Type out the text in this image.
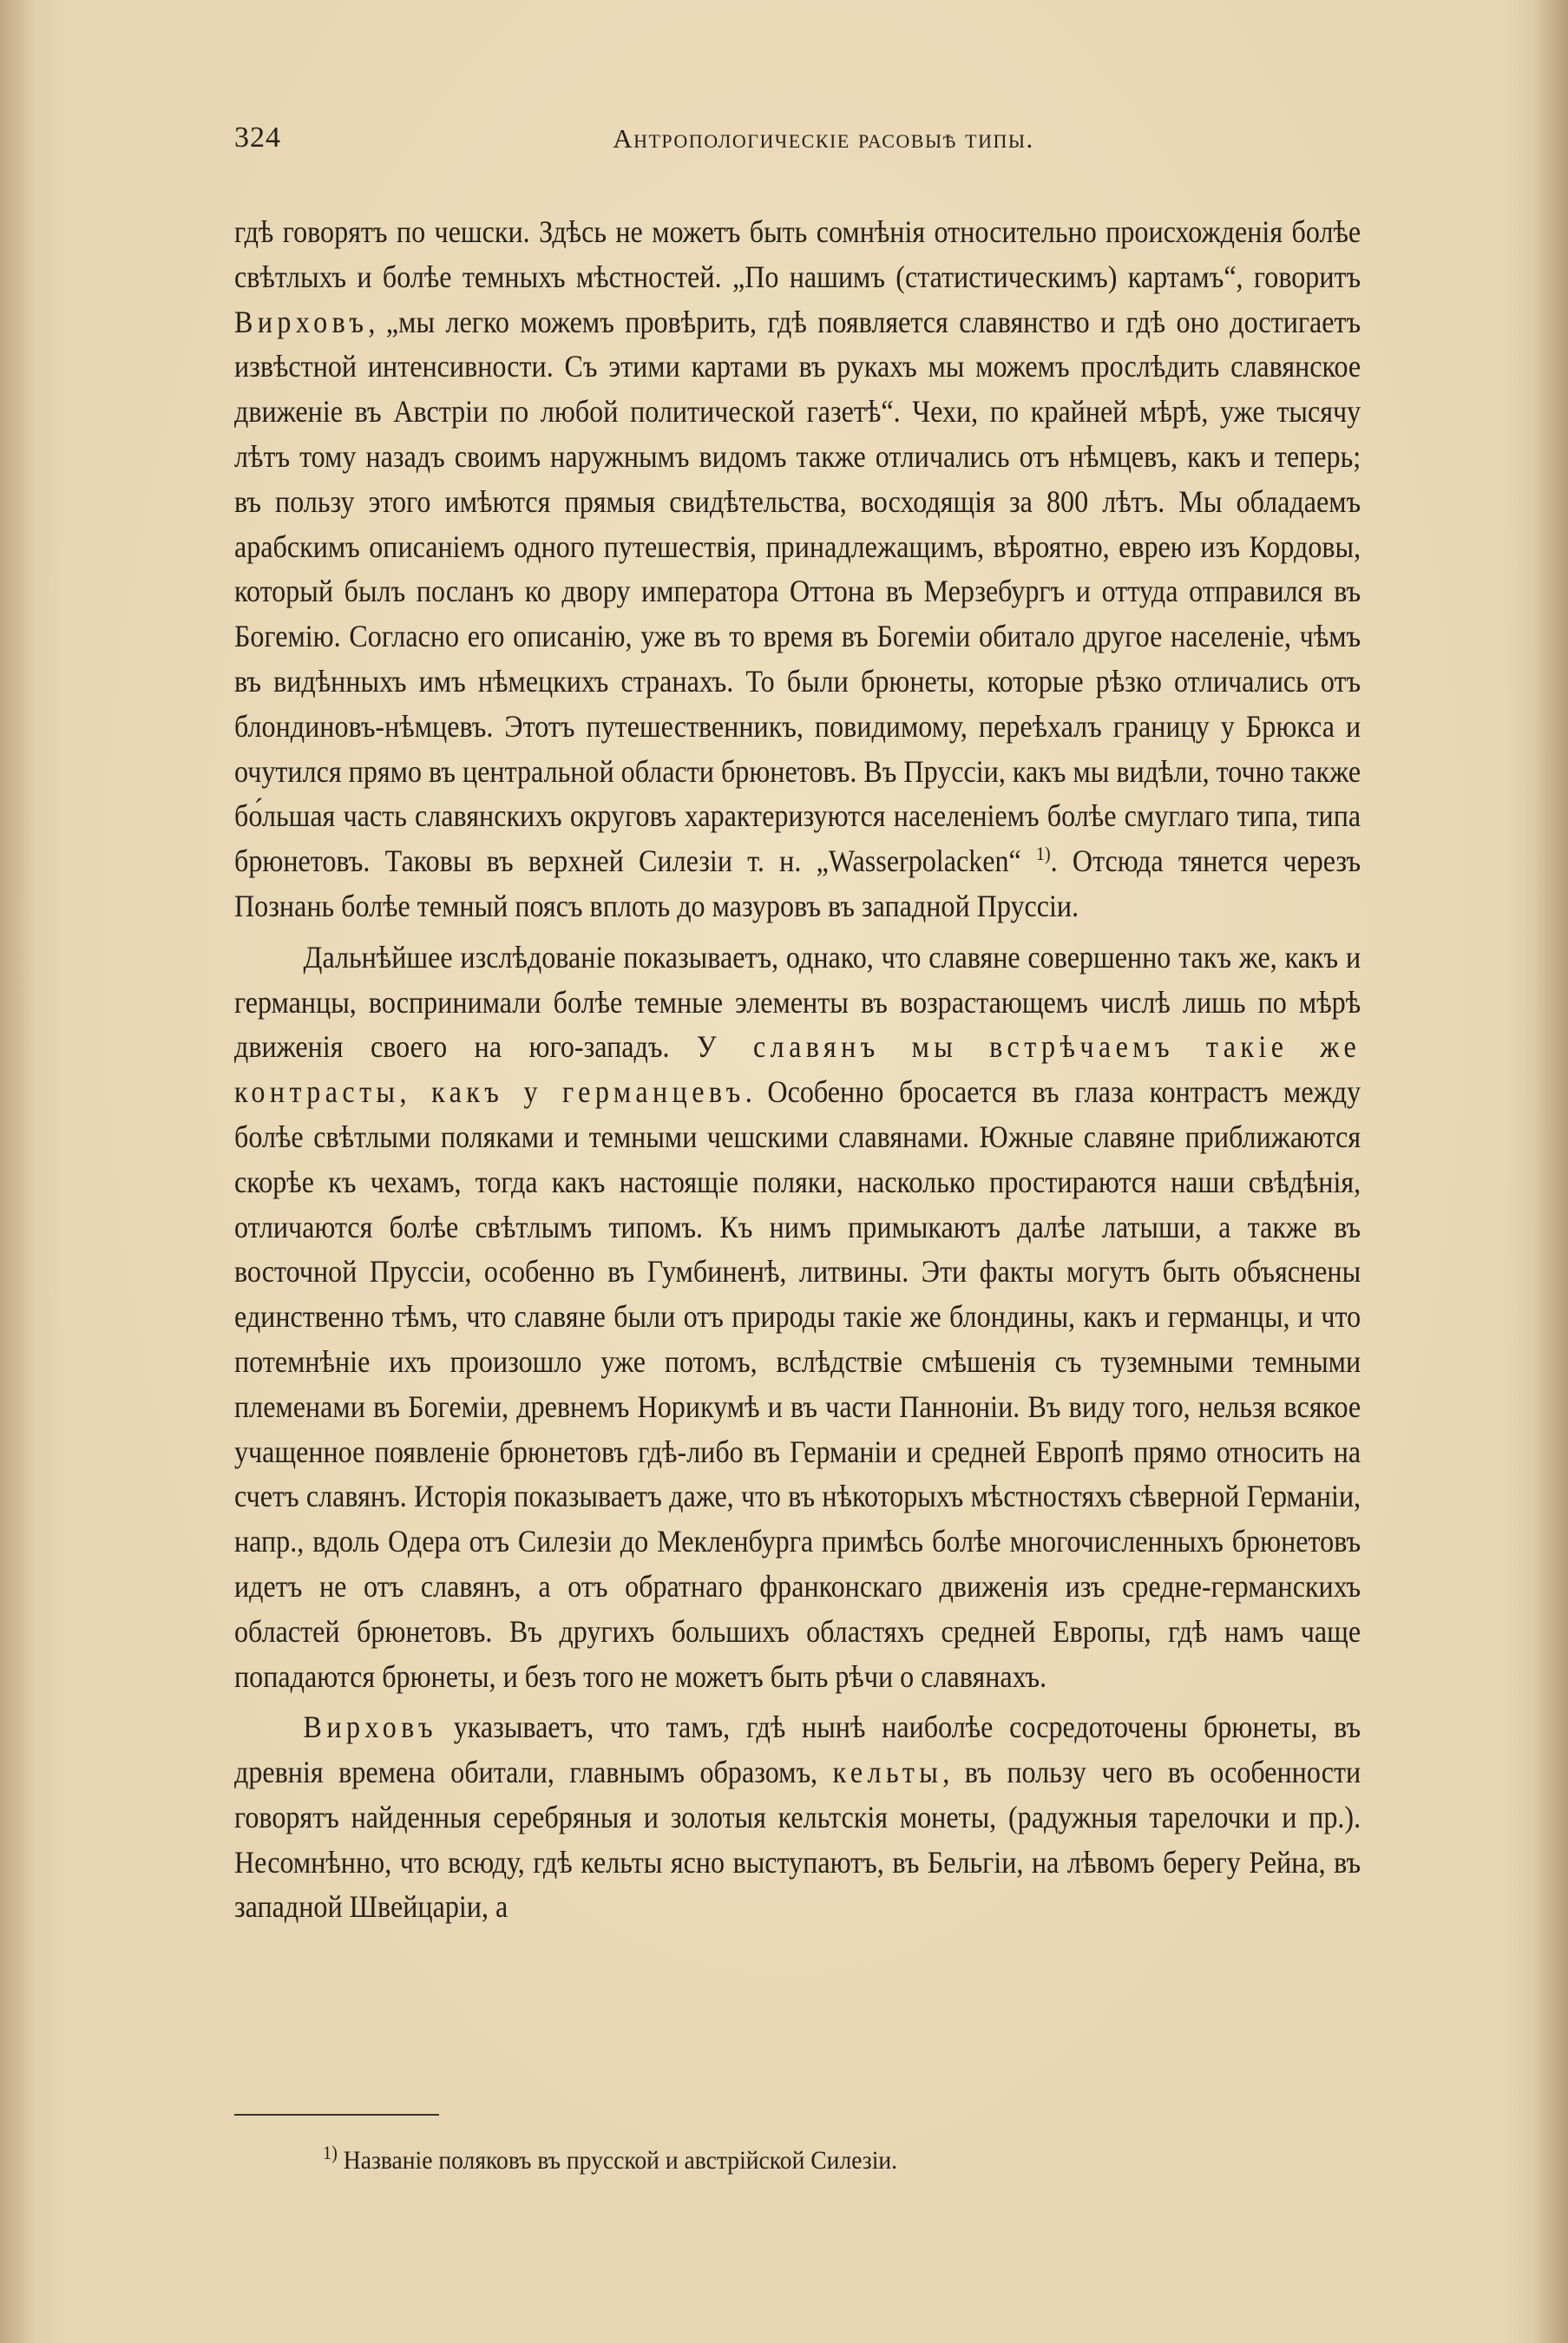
324	Антропологическіе расовыѣ типы.

гдѣ говорятъ по чешски. Здѣсь не можетъ быть сомнѣнія относительно происхожденія болѣе свѣтлыхъ и болѣе темныхъ мѣстностей. „По нашимъ (статистическимъ) картамъ“, говоритъ Вирховъ, „мы легко можемъ провѣрить, гдѣ появляется славянство и гдѣ оно достигаетъ извѣстной интенсивности. Съ этими картами въ рукахъ мы можемъ прослѣдить славянское движеніе въ Австріи по любой политической газетѣ“. Чехи, по крайней мѣрѣ, уже тысячу лѣтъ тому назадъ своимъ наружнымъ видомъ также отличались отъ нѣмцевъ, какъ и теперь; въ пользу этого имѣются прямыя свидѣтельства, восходящія за 800 лѣтъ. Мы обладаемъ арабскимъ описаніемъ одного путешествія, принадлежащимъ, вѣроятно, еврею изъ Кордовы, который былъ посланъ ко двору императора Оттона въ Мерзебургъ и оттуда отправился въ Богемію. Согласно его описанію, уже въ то время въ Богеміи обитало другое населеніе, чѣмъ въ видѣнныхъ имъ нѣмецкихъ странахъ. То были брюнеты, которые рѣзко отличались отъ блондиновъ-нѣмцевъ. Этотъ путешественникъ, повидимому, переѣхалъ границу у Брюкса и очутился прямо въ центральной области брюнетовъ. Въ Пруссіи, какъ мы видѣли, точно также бо́льшая часть славянскихъ округовъ характеризуются населеніемъ болѣе смуглаго типа, типа брюнетовъ. Таковы въ верхней Силезіи т. н. „Wasserpolacken“ $^{1)}$. Отсюда тянется черезъ Познань болѣе темный поясъ вплоть до мазуровъ въ западной Пруссіи.

Дальнѣйшее изслѣдованіе показываетъ, однако, что славяне совершенно такъ же, какъ и германцы, воспринимали болѣе темные элементы въ возрастающемъ числѣ лишь по мѣрѣ движенія своего на юго-западъ. У славянъ мы встрѣчаемъ такіе же контрасты, какъ у германцевъ. Особенно бросается въ глаза контрастъ между болѣе свѣтлыми поляками и темными чешскими славянами. Южные славяне приближаются скорѣе къ чехамъ, тогда какъ настоящіе поляки, насколько простираются наши свѣдѣнія, отличаются болѣе свѣтлымъ типомъ. Къ нимъ примыкаютъ далѣе латыши, а также въ восточной Пруссіи, особенно въ Гумбиненѣ, литвины. Эти факты могутъ быть объяснены единственно тѣмъ, что славяне были отъ природы такіе же блондины, какъ и германцы, и что потемнѣніе ихъ произошло уже потомъ, вслѣдствіе смѣшенія съ туземными темными племенами въ Богеміи, древнемъ Норикумѣ и въ части Панноніи. Въ виду того, нельзя всякое учащенное появленіе брюнетовъ гдѣ-либо въ Германіи и средней Европѣ прямо относить на счетъ славянъ. Исторія показываетъ даже, что въ нѣкоторыхъ мѣстностяхъ сѣверной Германіи, напр., вдоль Одера отъ Силезіи до Мекленбурга примѣсь болѣе многочисленныхъ брюнетовъ идетъ не отъ славянъ, а отъ обратнаго франконскаго движенія изъ средне-германскихъ областей брюнетовъ. Въ другихъ большихъ областяхъ средней Европы, гдѣ намъ чаще попадаются брюнеты, и безъ того не можетъ быть рѣчи о славянахъ.

Вирховъ указываетъ, что тамъ, гдѣ нынѣ наиболѣе сосредоточены брюнеты, въ древнія времена обитали, главнымъ образомъ, кельты, въ пользу чего въ особенности говорятъ найденныя серебряныя и золотыя кельтскія монеты, (радужныя тарелочки и пр.). Несомнѣнно, что всюду, гдѣ кельты ясно выступаютъ, въ Бельгіи, на лѣвомъ берегу Рейна, въ западной Швейцаріи, а

$^{1)}$ Названіе поляковъ въ прусской и австрійской Силезіи.
